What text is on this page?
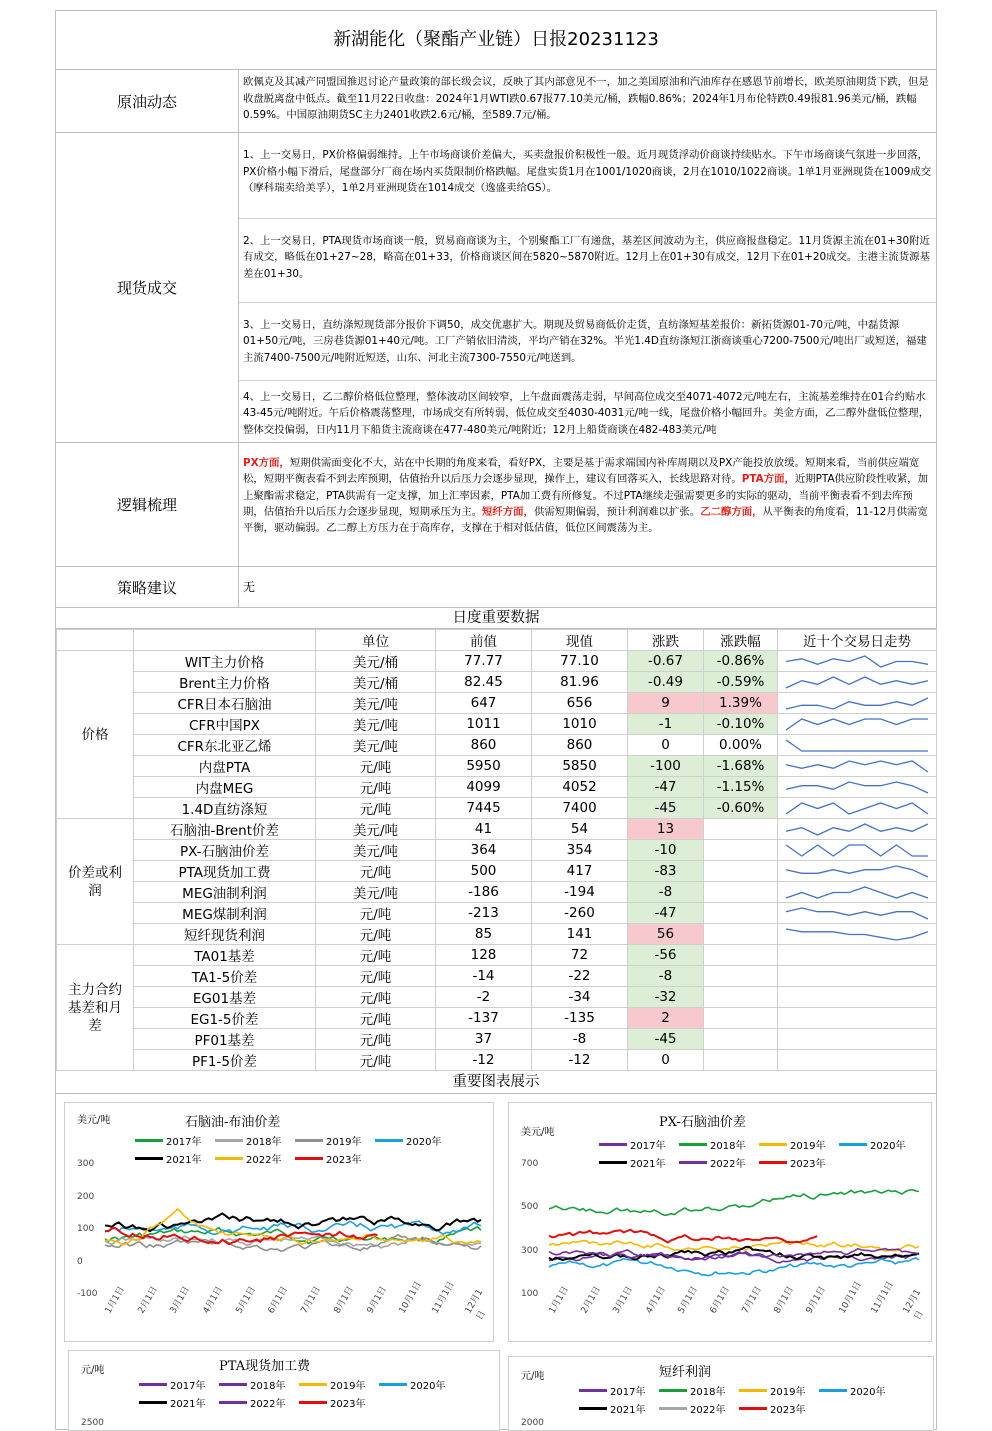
新湖能化（聚酯产业链）日报20231123
原油动态
欧佩克及其减产同盟国推迟讨论产量政策的部长级会议，反映了其内部意见不一，加之美国原油和汽油库存在感恩节前增长，欧美原油期货下跌，但是收盘脱离盘中低点。截至11月22日收盘：2024年1月WTI跌0.67报77.10美元/桶，跌幅0.86%；2024年1月布伦特跌0.49报81.96美元/桶，跌幅0.59%。中国原油期货SC主力2401收跌2.6元/桶，至589.7元/桶。
现货成交
1、上一交易日，PX价格偏弱维持。上午市场商谈价差偏大，买卖盘报价积极性一般。近月现货浮动价商谈持续贴水。下午市场商谈气氛进一步回落，PX价格小幅下滑后，尾盘部分厂商在场内买货限制价格跌幅。尾盘实货1月在1001/1020商谈，2月在1010/1022商谈。1单1月亚洲现货在1009成交（摩科瑞卖给美孚），1单2月亚洲现货在1014成交（逸盛卖给GS）。
2、上一交易日，PTA现货市场商谈一般，贸易商商谈为主，个别聚酯工厂有递盘，基差区间波动为主，供应商报盘稳定。11月货源主流在01+30附近有成交，略低在01+27~28，略高在01+33，价格商谈区间在5820~5870附近。12月上在01+30有成交，12月下在01+20成交。主港主流货源基差在01+30。
3、上一交易日，直纺涤短现货部分报价下调50，成交优惠扩大。期现及贸易商低价走货，直纺涤短基差报价：新拓货源01-70元/吨，中磊货源01+50元/吨，三房巷货源01+40元/吨。工厂产销依旧清淡，平均产销在32%。半光1.4D直纺涤短江浙商谈重心7200-7500元/吨出厂或短送，福建主流7400-7500元/吨附近短送，山东、河北主流7300-7550元/吨送到。
4、上一交易日，乙二醇价格低位整理，整体波动区间较窄，上午盘面震荡走弱，早间高位成交至4071-4072元/吨左右，主流基差维持在01合约贴水43-45元/吨附近。午后价格震荡整理，市场成交有所转弱，低位成交至4030-4031元/吨一线，尾盘价格小幅回升。美金方面，乙二醇外盘低位整理，整体交投偏弱，日内11月下船货主流商谈在477-480美元/吨附近；12月上船货商谈在482-483美元/吨
逻辑梳理
PX方面，短期供需面变化不大，站在中长期的角度来看，看好PX，主要是基于需求端国内补库周期以及PX产能投放放缓。短期来看，当前供应端宽松，短期平衡表看不到去库预期，估值抬升以后压力会逐步显现，操作上，建议有回落买入，长线思路对待。PTA方面，近期PTA供应阶段性收紧，加上聚酯需求稳定，PTA供需有一定支撑，加上汇率因素，PTA加工费有所修复。不过PTA继续走强需要更多的实际的驱动，当前平衡表看不到去库预期，估值抬升以后压力会逐步显现，短期承压为主。短纤方面，供需短期偏弱，预计利润难以扩张。乙二醇方面，从平衡表的角度看，11-12月供需宽平衡，驱动偏弱。乙二醇上方压力在于高库存，支撑在于相对低估值，低位区间震荡为主。
策略建议	无
日度重要数据
		单位	前值	现值	涨跌	涨跌幅	近十个交易日走势
价格	WIT主力价格	美元/桶	77.77	77.10	-0.67	-0.86%	

	Brent主力价格	美元/桶	82.45	81.96	-0.49	-0.59%	

	CFR日本石脑油	美元/吨	647	656	9	1.39%	

	CFR中国PX	美元/吨	1011	1010	-1	-0.10%	

	CFR东北亚乙烯	美元/吨	860	860	0	0.00%	

	内盘PTA	元/吨	5950	5850	-100	-1.68%	

	内盘MEG	元/吨	4099	4052	-47	-1.15%	

	1.4D直纺涤短	元/吨	7445	7400	-45	-0.60%	

价差或利润	石脑油-Brent价差	美元/吨	41	54	13		

	PX-石脑油价差	美元/吨	364	354	-10		

	PTA现货加工费	元/吨	500	417	-83		

	MEG油制利润	美元/吨	-186	-194	-8		

	MEG煤制利润	元/吨	-213	-260	-47		

	短纤现货利润	元/吨	85	141	56		

主力合约基差和月差	TA01基差	元/吨	128	72	-56		
	TA1-5价差	元/吨	-14	-22	-8		
	EG01基差	元/吨	-2	-34	-32		
	EG1-5价差	元/吨	-137	-135	2		
	PF01基差	元/吨	37	-8	-45		
	PF1-5价差	元/吨	-12	-12	0		
重要图表展示
石脑油-布油价差
美元/吨
2017年	2018年	2019年	2020年
2021年	2022年	2023年
300
200
100
0
-100 1月1日 2月1日 3月1日 4月1日 5月1日 6月1日 7月1日 8月1日 9月1日 10月1日 11月1日 12月1日
PX-石脑油价差
美元/吨
2017年	2018年	2019年	2020年
2021年	2022年	2023年
700
500
300
100 1月1日 2月1日 3月1日 4月1日 5月1日 6月1日 7月1日 8月1日 9月1日 10月1日 11月1日 12月1日
PTA现货加工费
元/吨
2017年	2018年	2019年	2020年
2021年	2022年	2023年
2500
短纤利润
元/吨
2017年	2018年	2019年	2020年
2021年	2022年	2023年
2000
